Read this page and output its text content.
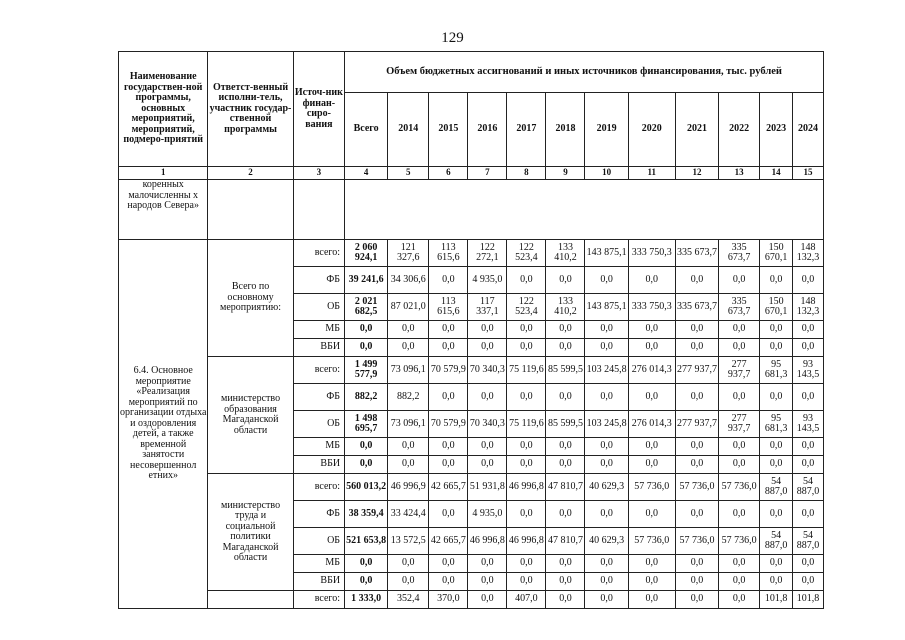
129
Наименование государствен-ной программы, основных мероприятий, мероприятий, подмеро-приятий	Ответст-венный исполни-тель, участник государ-ственной программы	Источ-ник финан-сиро-вания	Объем бюджетных ассигнований и иных источников финансирования, тыс. рублей											
			Всего	2014	2015	2016	2017	2018	2019	2020	2021	2022	2023	2024
1	2	3	4	5	6	7	8	9	10	11	12	13	14	15
коренных малочисленны х народов Севера»														
6.4. Основное мероприятие «Реализация мероприятий по организации отдыха и оздоровления детей, а также временной занятости несовершеннол етних»	Всего по основному мероприятию:	всего:	2 060 924,1	121 327,6	113 615,6	122 272,1	122 523,4	133 410,2	143 875,1	333 750,3	335 673,7	335 673,7	150 670,1	148 132,3
		ФБ	39 241,6	34 306,6	0,0	4 935,0	0,0	0,0	0,0	0,0	0,0	0,0	0,0	0,0
		ОБ	2 021 682,5	87 021,0	113 615,6	117 337,1	122 523,4	133 410,2	143 875,1	333 750,3	335 673,7	335 673,7	150 670,1	148 132,3
		МБ	0,0	0,0	0,0	0,0	0,0	0,0	0,0	0,0	0,0	0,0	0,0	0,0
		ВБИ	0,0	0,0	0,0	0,0	0,0	0,0	0,0	0,0	0,0	0,0	0,0	0,0
	министерство образования Магаданской области	всего:	1 499 577,9	73 096,1	70 579,9	70 340,3	75 119,6	85 599,5	103 245,8	276 014,3	277 937,7	277 937,7	95 681,3	93 143,5
		ФБ	882,2	882,2	0,0	0,0	0,0	0,0	0,0	0,0	0,0	0,0	0,0	0,0
		ОБ	1 498 695,7	73 096,1	70 579,9	70 340,3	75 119,6	85 599,5	103 245,8	276 014,3	277 937,7	277 937,7	95 681,3	93 143,5
		МБ	0,0	0,0	0,0	0,0	0,0	0,0	0,0	0,0	0,0	0,0	0,0	0,0
		ВБИ	0,0	0,0	0,0	0,0	0,0	0,0	0,0	0,0	0,0	0,0	0,0	0,0
	министерство труда и социальной политики Магаданской области	всего:	560 013,2	46 996,9	42 665,7	51 931,8	46 996,8	47 810,7	40 629,3	57 736,0	57 736,0	57 736,0	54 887,0	54 887,0
		ФБ	38 359,4	33 424,4	0,0	4 935,0	0,0	0,0	0,0	0,0	0,0	0,0	0,0	0,0
		ОБ	521 653,8	13 572,5	42 665,7	46 996,8	46 996,8	47 810,7	40 629,3	57 736,0	57 736,0	57 736,0	54 887,0	54 887,0
		МБ	0,0	0,0	0,0	0,0	0,0	0,0	0,0	0,0	0,0	0,0	0,0	0,0
		ВБИ	0,0	0,0	0,0	0,0	0,0	0,0	0,0	0,0	0,0	0,0	0,0	0,0
		всего:	1 333,0	352,4	370,0	0,0	407,0	0,0	0,0	0,0	0,0	0,0	101,8	101,8
